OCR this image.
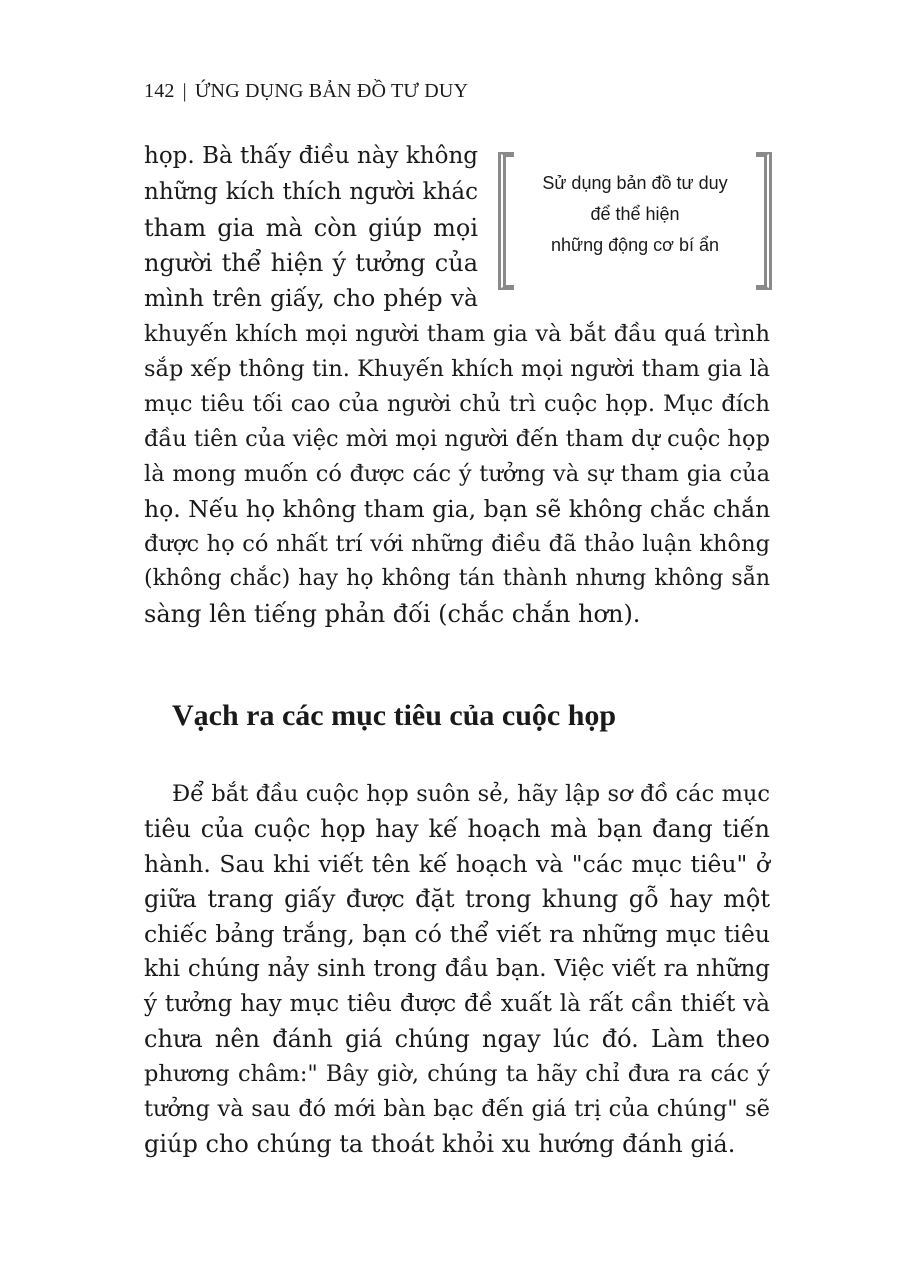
142 | ỨNG DỤNG BẢN ĐỒ TƯ DUY
họp. Bà thấy điều này không
những kích thích người khác
tham gia mà còn giúp mọi
người thể hiện ý tưởng của
mình trên giấy, cho phép và
khuyến khích mọi người tham gia và bắt đầu quá trình
sắp xếp thông tin. Khuyến khích mọi người tham gia là
mục tiêu tối cao của người chủ trì cuộc họp. Mục đích
đầu tiên của việc mời mọi người đến tham dự cuộc họp
là mong muốn có được các ý tưởng và sự tham gia của
họ. Nếu họ không tham gia, bạn sẽ không chắc chắn
được họ có nhất trí với những điều đã thảo luận không
(không chắc) hay họ không tán thành nhưng không sẵn
sàng lên tiếng phản đối (chắc chắn hơn).
Sử dụng bản đồ tư duy
để thể hiện
những động cơ bí ẩn
Vạch ra các mục tiêu của cuộc họp
Để bắt đầu cuộc họp suôn sẻ, hãy lập sơ đồ các mục
tiêu của cuộc họp hay kế hoạch mà bạn đang tiến
hành. Sau khi viết tên kế hoạch và "các mục tiêu" ở
giữa trang giấy được đặt trong khung gỗ hay một
chiếc bảng trắng, bạn có thể viết ra những mục tiêu
khi chúng nảy sinh trong đầu bạn. Việc viết ra những
ý tưởng hay mục tiêu được đề xuất là rất cần thiết và
chưa nên đánh giá chúng ngay lúc đó. Làm theo
phương châm:" Bây giờ, chúng ta hãy chỉ đưa ra các ý
tưởng và sau đó mới bàn bạc đến giá trị của chúng" sẽ
giúp cho chúng ta thoát khỏi xu hướng đánh giá.
